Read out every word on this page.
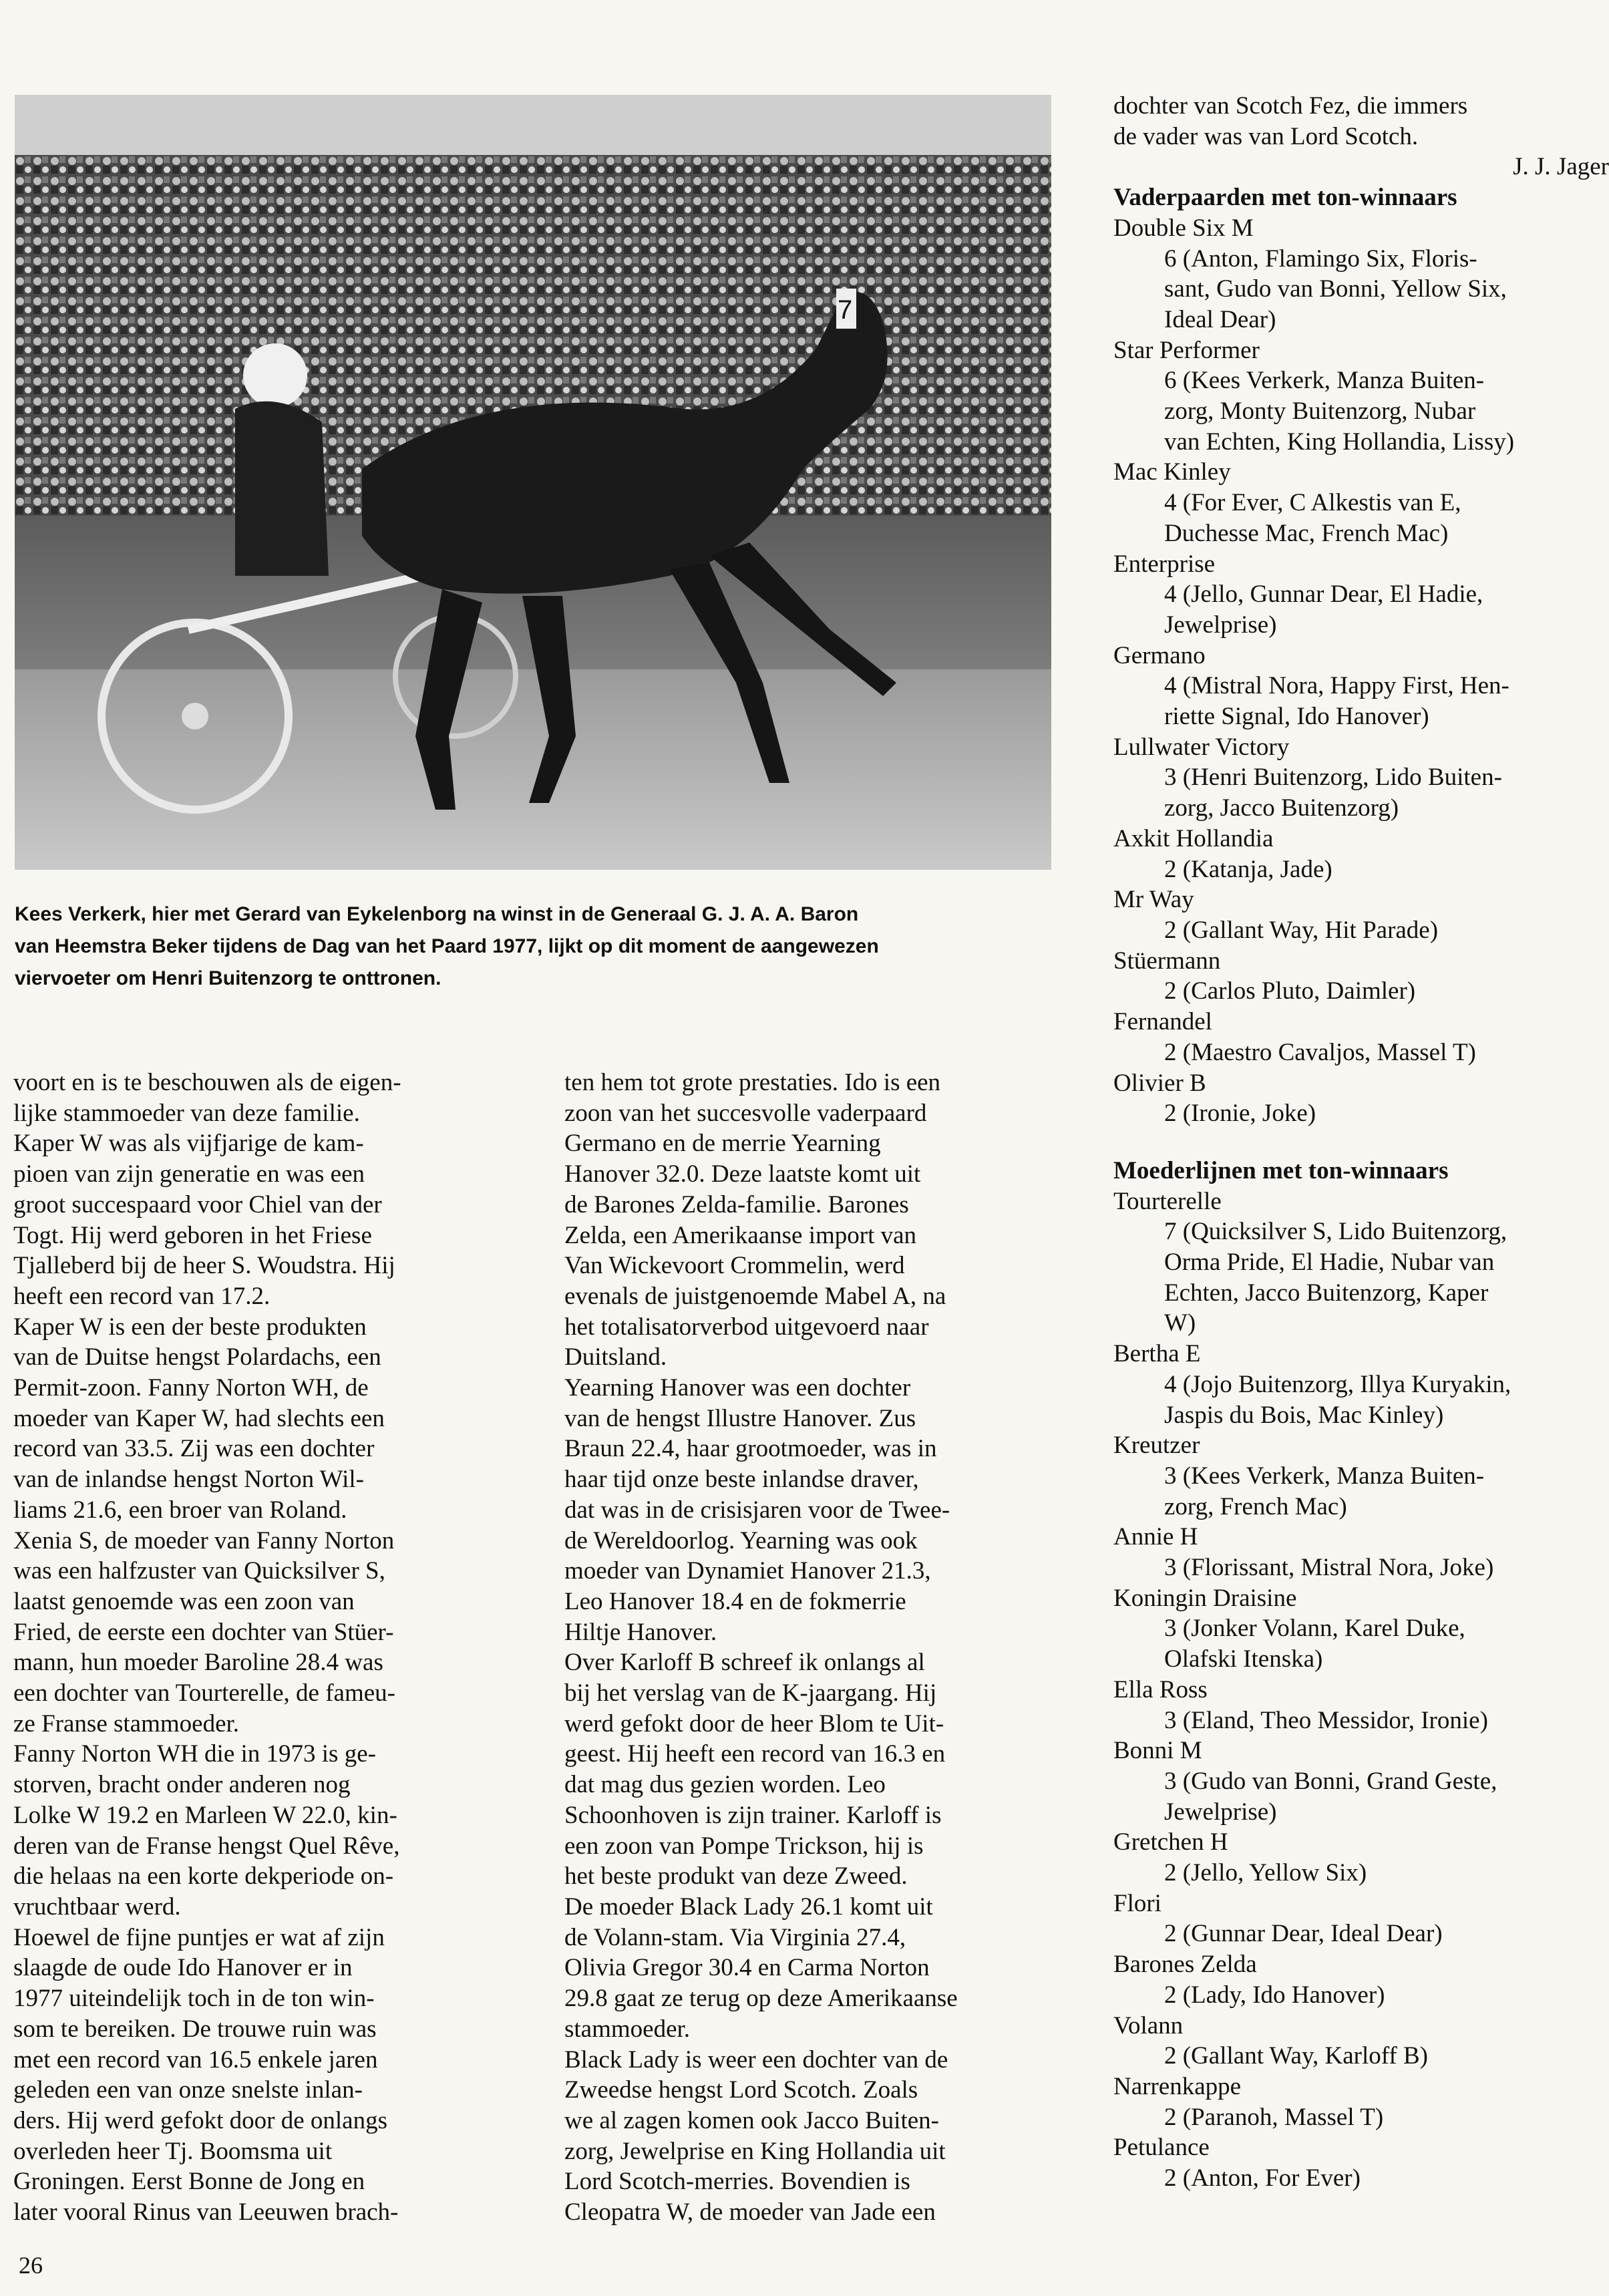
7
Kees Verkerk, hier met Gerard van Eykelenborg na winst in de Generaal G. J. A. A. Baron
van Heemstra Beker tijdens de Dag van het Paard 1977, lijkt op dit moment de aangewezen
viervoeter om Henri Buitenzorg te onttronen.
voort en is te beschouwen als de eigen-
lijke stammoeder van deze familie.
Kaper W was als vijfjarige de kam-
pioen van zijn generatie en was een
groot succespaard voor Chiel van der
Togt. Hij werd geboren in het Friese
Tjalleberd bij de heer S. Woudstra. Hij
heeft een record van 17.2.
Kaper W is een der beste produkten
van de Duitse hengst Polardachs, een
Permit-zoon. Fanny Norton WH, de
moeder van Kaper W, had slechts een
record van 33.5. Zij was een dochter
van de inlandse hengst Norton Wil-
liams 21.6, een broer van Roland.
Xenia S, de moeder van Fanny Norton
was een halfzuster van Quicksilver S,
laatst genoemde was een zoon van
Fried, de eerste een dochter van Stüer-
mann, hun moeder Baroline 28.4 was
een dochter van Tourterelle, de fameu-
ze Franse stammoeder.
Fanny Norton WH die in 1973 is ge-
storven, bracht onder anderen nog
Lolke W 19.2 en Marleen W 22.0, kin-
deren van de Franse hengst Quel Rêve,
die helaas na een korte dekperiode on-
vruchtbaar werd.
Hoewel de fijne puntjes er wat af zijn
slaagde de oude Ido Hanover er in
1977 uiteindelijk toch in de ton win-
som te bereiken. De trouwe ruin was
met een record van 16.5 enkele jaren
geleden een van onze snelste inlan-
ders. Hij werd gefokt door de onlangs
overleden heer Tj. Boomsma uit
Groningen. Eerst Bonne de Jong en
later vooral Rinus van Leeuwen brach-
ten hem tot grote prestaties. Ido is een
zoon van het succesvolle vaderpaard
Germano en de merrie Yearning
Hanover 32.0. Deze laatste komt uit
de Barones Zelda-familie. Barones
Zelda, een Amerikaanse import van
Van Wickevoort Crommelin, werd
evenals de juistgenoemde Mabel A, na
het totalisatorverbod uitgevoerd naar
Duitsland.
Yearning Hanover was een dochter
van de hengst Illustre Hanover. Zus
Braun 22.4, haar grootmoeder, was in
haar tijd onze beste inlandse draver,
dat was in de crisisjaren voor de Twee-
de Wereldoorlog. Yearning was ook
moeder van Dynamiet Hanover 21.3,
Leo Hanover 18.4 en de fokmerrie
Hiltje Hanover.
Over Karloff B schreef ik onlangs al
bij het verslag van de K-jaargang. Hij
werd gefokt door de heer Blom te Uit-
geest. Hij heeft een record van 16.3 en
dat mag dus gezien worden. Leo
Schoonhoven is zijn trainer. Karloff is
een zoon van Pompe Trickson, hij is
het beste produkt van deze Zweed.
De moeder Black Lady 26.1 komt uit
de Volann-stam. Via Virginia 27.4,
Olivia Gregor 30.4 en Carma Norton
29.8 gaat ze terug op deze Amerikaanse
stammoeder.
Black Lady is weer een dochter van de
Zweedse hengst Lord Scotch. Zoals
we al zagen komen ook Jacco Buiten-
zorg, Jewelprise en King Hollandia uit
Lord Scotch-merries. Bovendien is
Cleopatra W, de moeder van Jade een
dochter van Scotch Fez, die immers
de vader was van Lord Scotch.
J. J. Jager
Vaderpaarden met ton-winnaars
Double Six M
6 (Anton, Flamingo Six, Floris-
sant, Gudo van Bonni, Yellow Six,
Ideal Dear)
Star Performer
6 (Kees Verkerk, Manza Buiten-
zorg, Monty Buitenzorg, Nubar
van Echten, King Hollandia, Lissy)
Mac Kinley
4 (For Ever, C Alkestis van E,
Duchesse Mac, French Mac)
Enterprise
4 (Jello, Gunnar Dear, El Hadie,
Jewelprise)
Germano
4 (Mistral Nora, Happy First, Hen-
riette Signal, Ido Hanover)
Lullwater Victory
3 (Henri Buitenzorg, Lido Buiten-
zorg, Jacco Buitenzorg)
Axkit Hollandia
2 (Katanja, Jade)
Mr Way
2 (Gallant Way, Hit Parade)
Stüermann
2 (Carlos Pluto, Daimler)
Fernandel
2 (Maestro Cavaljos, Massel T)
Olivier B
2 (Ironie, Joke)
Moederlijnen met ton-winnaars
Tourterelle
7 (Quicksilver S, Lido Buitenzorg,
Orma Pride, El Hadie, Nubar van
Echten, Jacco Buitenzorg, Kaper
W)
Bertha E
4 (Jojo Buitenzorg, Illya Kuryakin,
Jaspis du Bois, Mac Kinley)
Kreutzer
3 (Kees Verkerk, Manza Buiten-
zorg, French Mac)
Annie H
3 (Florissant, Mistral Nora, Joke)
Koningin Draisine
3 (Jonker Volann, Karel Duke,
Olafski Itenska)
Ella Ross
3 (Eland, Theo Messidor, Ironie)
Bonni M
3 (Gudo van Bonni, Grand Geste,
Jewelprise)
Gretchen H
2 (Jello, Yellow Six)
Flori
2 (Gunnar Dear, Ideal Dear)
Barones Zelda
2 (Lady, Ido Hanover)
Volann
2 (Gallant Way, Karloff B)
Narrenkappe
2 (Paranoh, Massel T)
Petulance
2 (Anton, For Ever)
26
